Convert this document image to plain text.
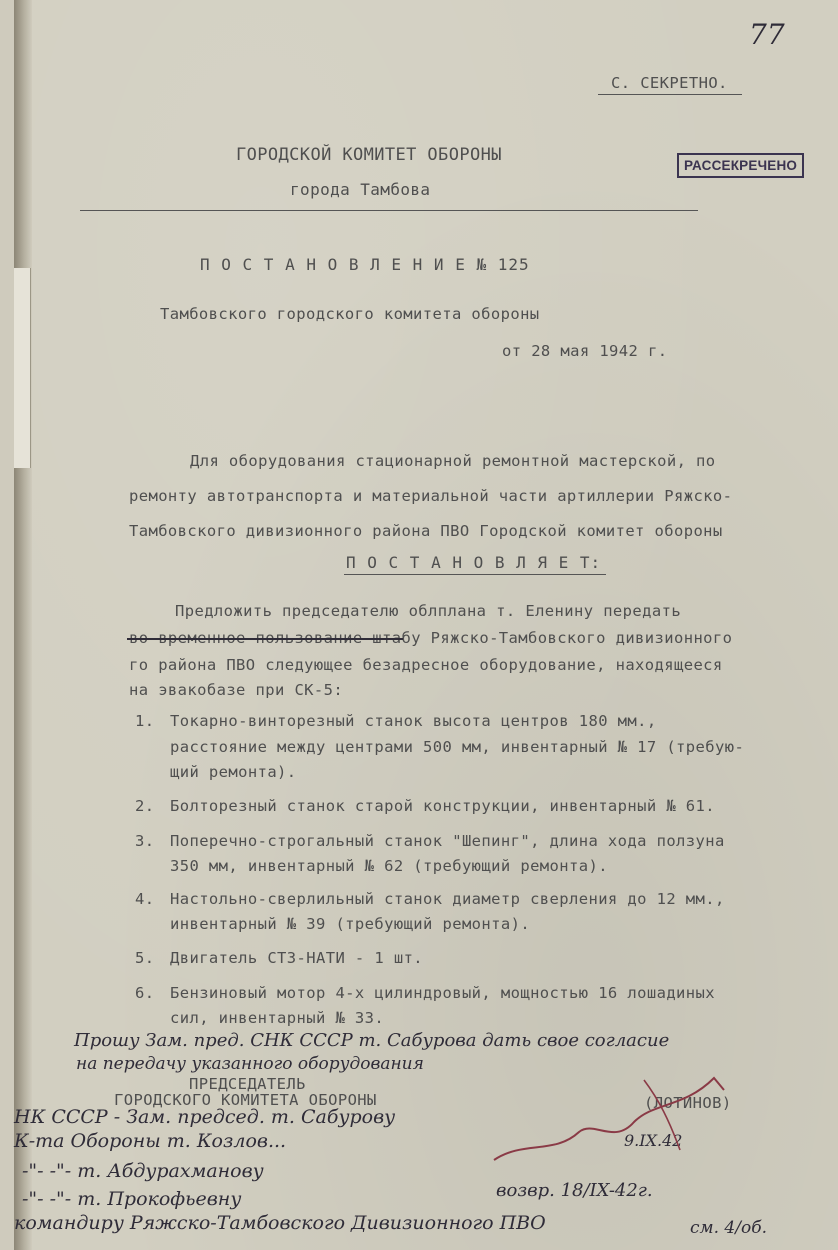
77
С. СЕКРЕТНО.
РАССЕКРЕЧЕНО
ГОРОДСКОЙ КОМИТЕТ ОБОРОНЫ
города Тамбова
П О С Т А Н О В Л Е Н И Е № 125
Тамбовского городского комитета обороны
от 28 мая 1942 г.
Для оборудования стационарной ремонтной мастерской, по
ремонту автотранспорта и материальной части артиллерии Ряжско-
Тамбовского дивизионного района ПВО Городской комитет обороны
П О С Т А Н О В Л Я Е Т:
Предложить председателю облплана т. Еленину передать
во временное пользование штабу Ряжско-Тамбовского дивизионного
го района ПВО следующее безадресное оборудование, находящееся
на эвакобазе при СК-5:
1. Токарно-винторезный станок высота центров 180 мм.,
расстояние между центрами 500 мм, инвентарный № 17 (требую-
щий ремонта).
2. Болторезный станок старой конструкции, инвентарный № 61.
3. Поперечно-строгальный станок "Шепинг", длина хода ползуна
350 мм, инвентарный № 62 (требующий ремонта).
4. Настольно-сверлильный станок диаметр сверления до 12 мм.,
инвентарный № 39 (требующий ремонта).
5. Двигатель СТЗ-НАТИ - 1 шт.
6. Бензиновый мотор 4-х цилиндровый, мощностью 16 лошадиных
сил, инвентарный № 33.
ПРЕДСЕДАТЕЛЬ
ГОРОДСКОГО КОМИТЕТА ОБОРОНЫ	(ЛОТИНОВ)
Прошу Зам. пред. СНК СССР т. Сабурова дать свое согласие
на передачу указанного оборудования
НК СССР - Зам. председ. т. Сабурову
К-та Обороны т. Козлов...	9.IX.42
-"- -"- т. Абдурахманову
возвр. 18/IX-42г.
-"- -"- т. Прокофьевну
командиру Ряжско-Тамбовского Дивизионного ПВО	см. 4/об.
